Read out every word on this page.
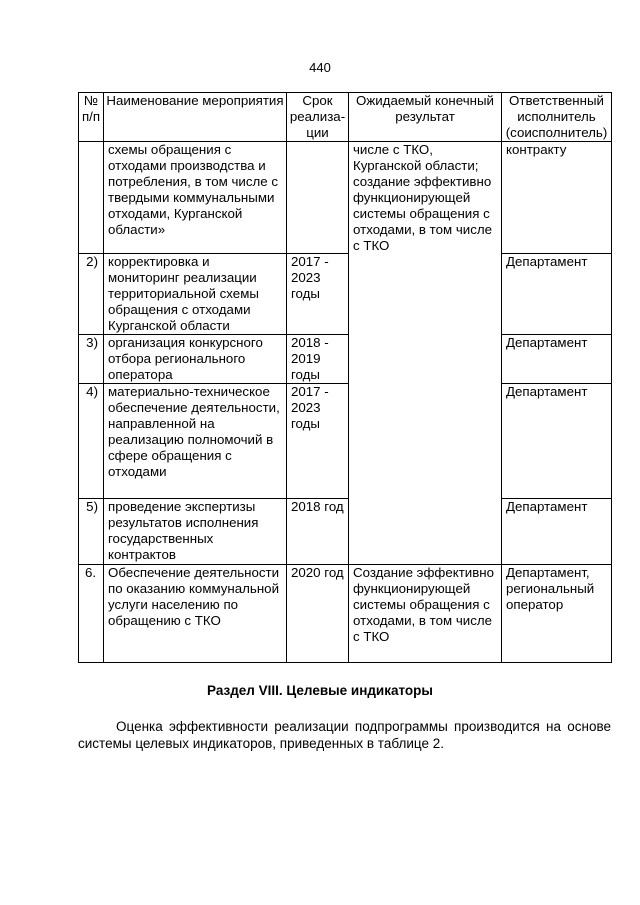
440
№ п/п	Наименование мероприятия	Срок реализа-ции	Ожидаемый конечный результат	Ответственный исполнитель (соисполнитель)
	схемы обращения с отходами производства и потребления, в том числе с твердыми коммунальными отходами, Курганской области»		числе с ТКО, Курганской области; создание эффективно функционирующей системы обращения с отходами, в том числе с ТКО	контракту
2)	корректировка и мониторинг реализации территориальной схемы обращения с отходами Курганской области	2017 - 2023 годы		Департамент
3)	организация конкурсного отбора регионального оператора	2018 - 2019 годы		Департамент
4)	материально-техническое обеспечение деятельности, направленной на реализацию полномочий в сфере обращения с отходами	2017 - 2023 годы		Департамент
5)	проведение экспертизы результатов исполнения государственных контрактов	2018 год		Департамент
6.	Обеспечение деятельности по оказанию коммунальной услуги населению по обращению с ТКО	2020 год	Создание эффективно функционирующей системы обращения с отходами, в том числе с ТКО	Департамент, региональный оператор
Раздел VIII. Целевые индикаторы

Оценка эффективности реализации подпрограммы производится на основе системы целевых индикаторов, приведенных в таблице 2.
